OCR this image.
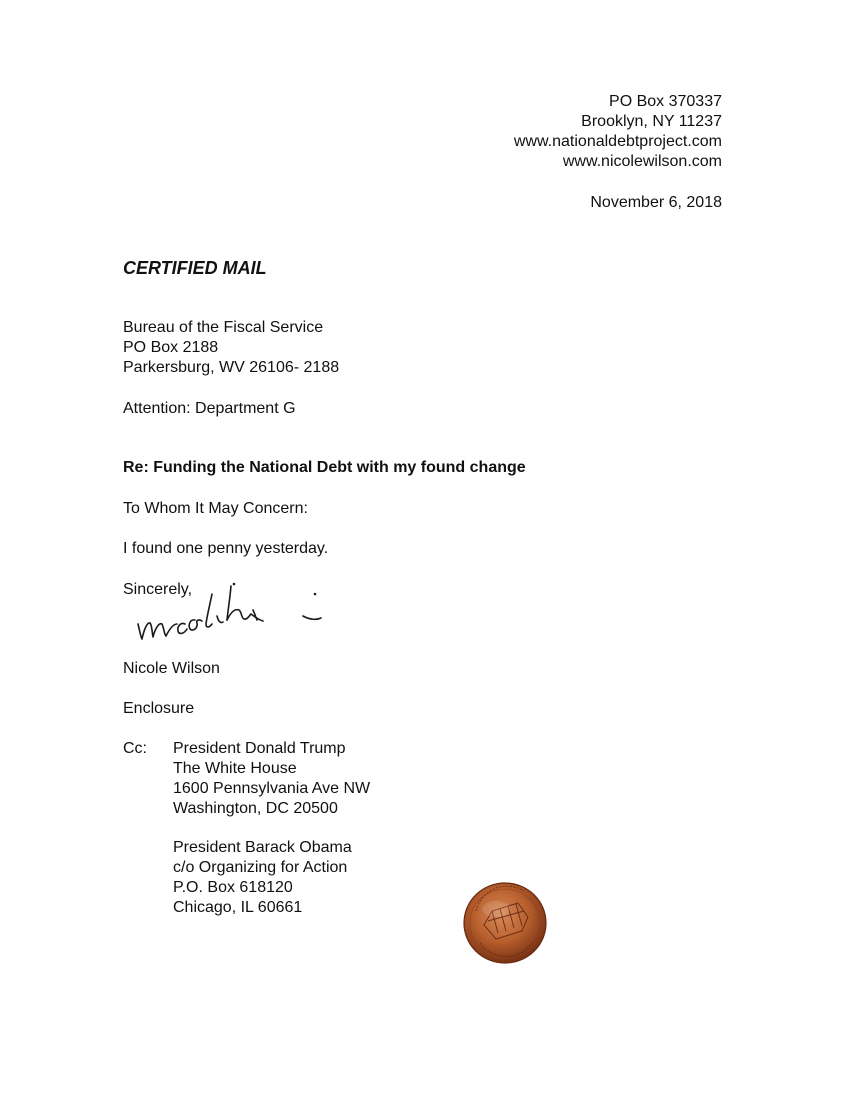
PO Box 370337
Brooklyn, NY 11237
www.nationaldebtproject.com
www.nicolewilson.com
November 6, 2018
CERTIFIED MAIL
Bureau of the Fiscal Service
PO Box 2188
Parkersburg, WV 26106- 2188
Attention: Department G
Re: Funding the National Debt with my found change
To Whom It May Concern:
I found one penny yesterday.
Sincerely,
Nicole Wilson
Enclosure
Cc: President Donald Trump
The White House
1600 Pennsylvania Ave NW
Washington, DC 20500
President Barack Obama
c/o Organizing for Action
P.O. Box 618120
Chicago, IL 60661
